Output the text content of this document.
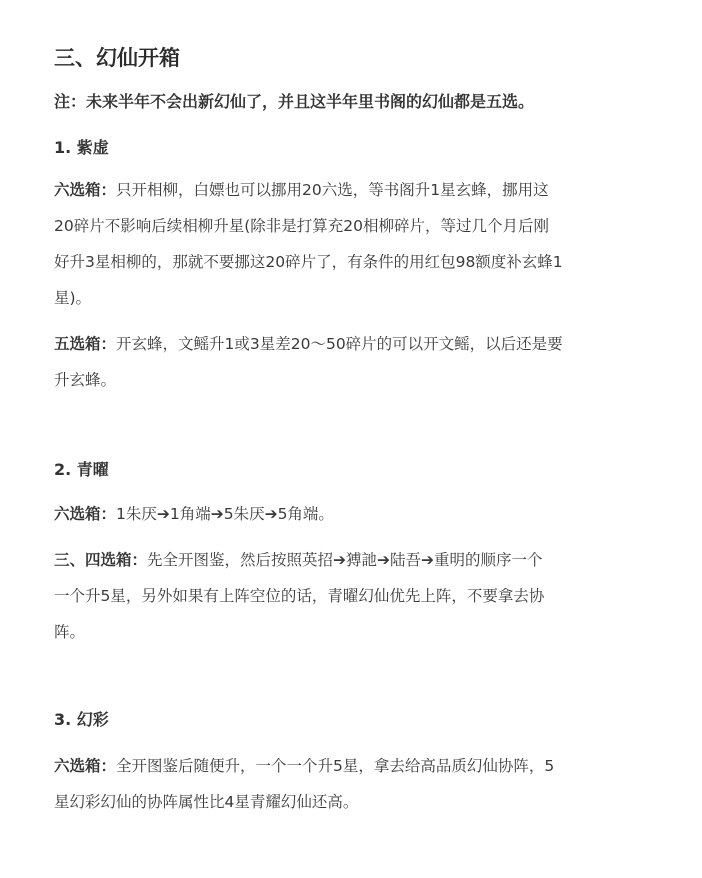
三、幻仙开箱

注：未来半年不会出新幻仙了，并且这半年里书阁的幻仙都是五选。

1. 紫虚
六选箱：只开相柳，白嫖也可以挪用20六选，等书阁升1星玄蜂，挪用这
20碎片不影响后续相柳升星(除非是打算充20相柳碎片，等过几个月后刚
好升3星相柳的，那就不要挪这20碎片了，有条件的用红包98额度补玄蜂1
星)。
五选箱：开玄蜂，文鳐升1或3星差20～50碎片的可以开文鳐，以后还是要
升玄蜂。
2. 青曜
六选箱：1朱厌➔1角端➔5朱厌➔5角端。
三、四选箱：先全开图鉴，然后按照英招➔猼訑➔陆吾➔重明的顺序一个
一个升5星，另外如果有上阵空位的话，青曜幻仙优先上阵，不要拿去协
阵。
3. 幻彩
六选箱：全开图鉴后随便升，一个一个升5星，拿去给高品质幻仙协阵，5
星幻彩幻仙的协阵属性比4星青耀幻仙还高。
